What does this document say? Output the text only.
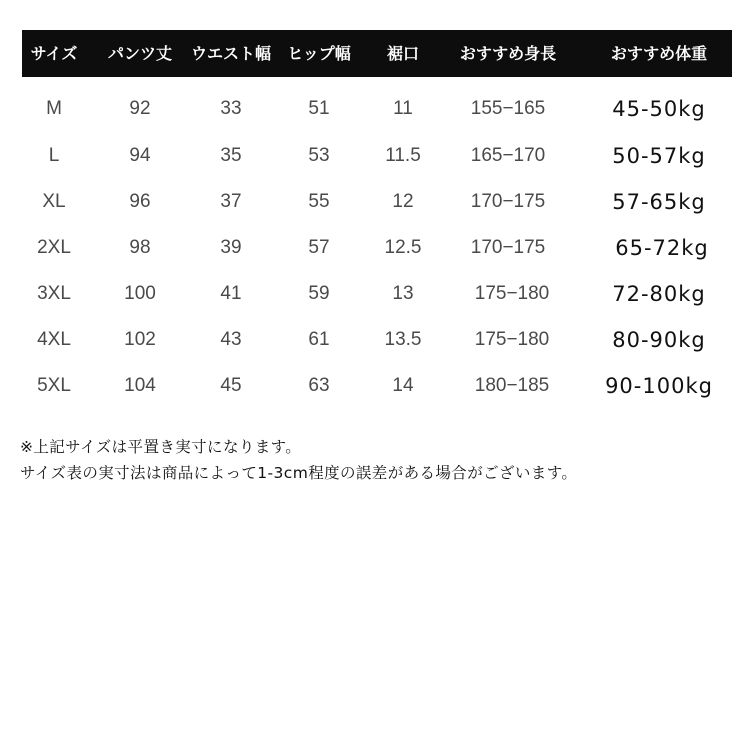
サイズ パンツ丈 ウエスト幅 ヒップ幅 裾口	おすすめ身長	おすすめ体重
M	92	33	51	11	155−165	45-50kg
L	94	35	53	11.5	165−170	50-57kg
XL	96	37	55	12	170−175	57-65kg
2XL	98	39	57	12.5	170−175	65-72kg
3XL	100	41	59	13	175−180	72-80kg
4XL	102	43	61	13.5	175−180	80-90kg
5XL	104	45	63	14	180−185	90-100kg
※上記サイズは平置き実寸になります。
サイズ表の実寸法は商品によって1-3cm程度の誤差がある場合がございます。
